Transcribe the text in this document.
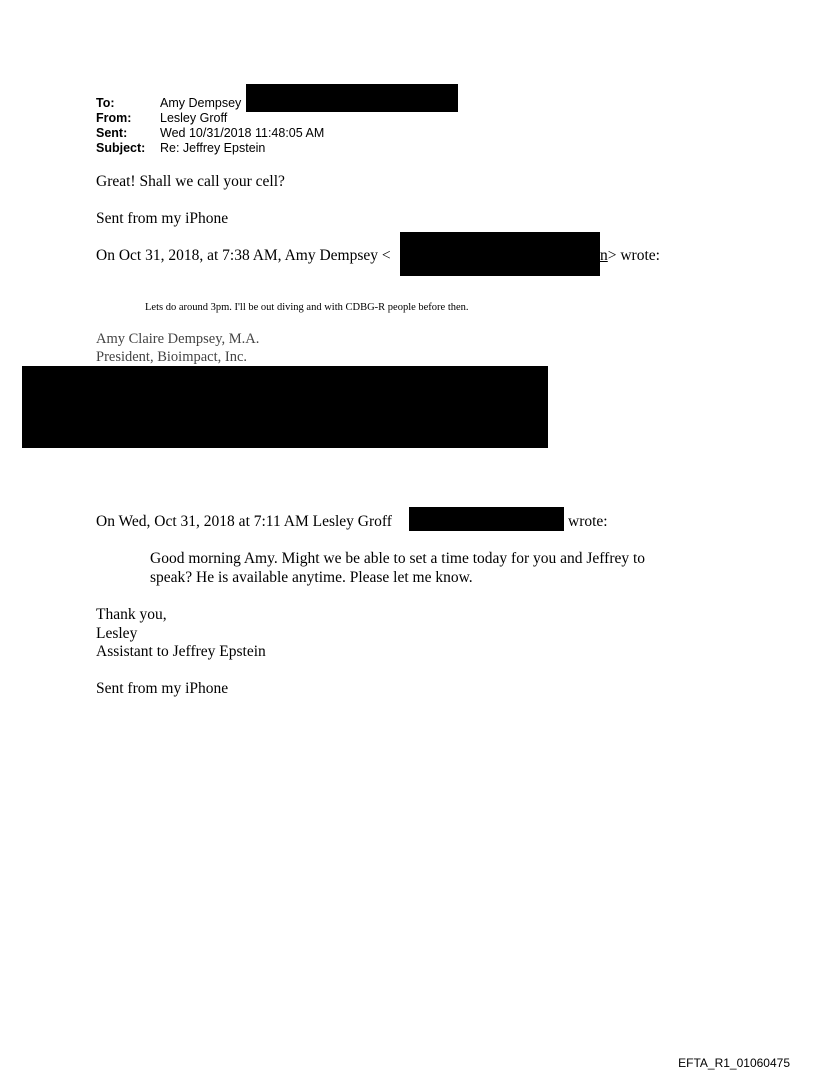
To:	Amy Dempsey
From: Lesley Groff
Sent:	Wed 10/31/2018 11:48:05 AM
Subject: Re: Jeffrey Epstein
Great! Shall we call your cell?
Sent from my iPhone
On Oct 31, 2018, at 7:38 AM, Amy Dempsey <	n> wrote:
Lets do around 3pm. I'll be out diving and with CDBG-R people before then.
Amy Claire Dempsey, M.A.
President, Bioimpact, Inc.
On Wed, Oct 31, 2018 at 7:11 AM Lesley Groff	wrote:
Good morning Amy. Might we be able to set a time today for you and Jeffrey to
speak? He is available anytime. Please let me know.
Thank you,
Lesley
Assistant to Jeffrey Epstein
Sent from my iPhone
EFTA_R1_01060475
